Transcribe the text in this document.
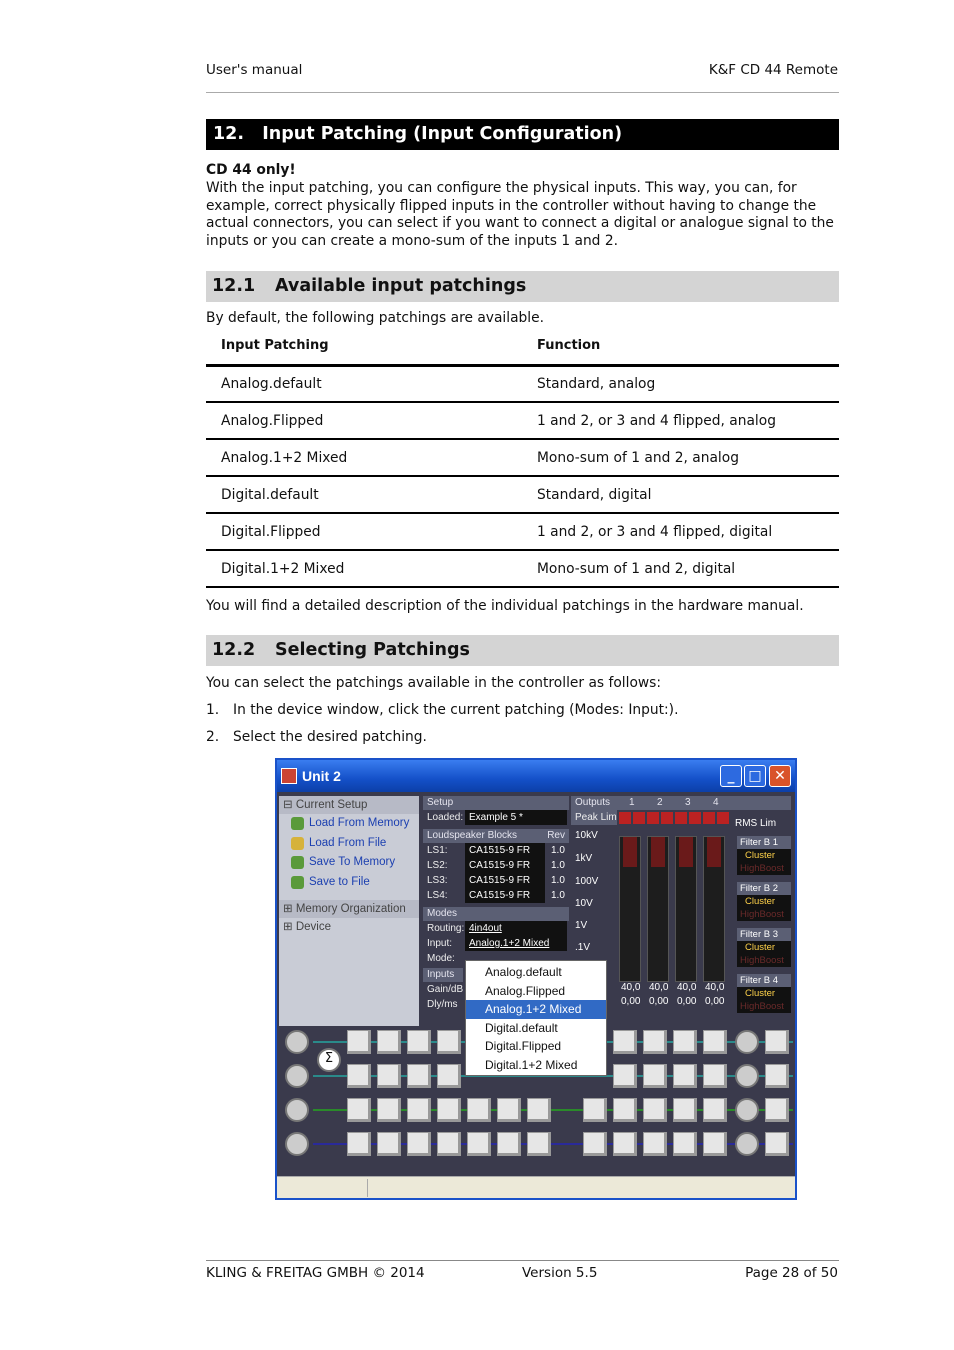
User's manual	K&F CD 44 Remote
12. Input Patching (Input Configuration)
CD 44 only!
With the input patching, you can configure the physical inputs. This way, you can, for
example, correct physically flipped inputs in the controller without having to change the
actual connectors, you can select if you want to connect a digital or analogue signal to the
inputs or you can create a mono-sum of the inputs 1 and 2.
12.1 Available input patchings
By default, the following patchings are available.
Input Patching	Function
Analog.default	Standard, analog
Analog.Flipped	1 and 2, or 3 and 4 flipped, analog
Analog.1+2 Mixed	Mono-sum of 1 and 2, analog
Digital.default	Standard, digital
Digital.Flipped	1 and 2, or 3 and 4 flipped, digital
Digital.1+2 Mixed	Mono-sum of 1 and 2, digital
You will find a detailed description of the individual patchings in the hardware manual.
12.2 Selecting Patchings
You can select the patchings available in the controller as follows:
1. In the device window, click the current patching (Modes: Input:).
2. Select the desired patching.
Unit 2	_ □ ✕
⊟ Current Setup
Load From Memory
Load From File
Save To Memory
Save to File
⊞ Memory Organization
⊞ Device
Setup
Loaded: Example 5 *
Loudspeaker Blocks	Rev
LS1:	CA1515-9 FR	1.0
LS2:	CA1515-9 FR	1.0
LS3:	CA1515-9 FR	1.0
LS4:	CA1515-9 FR	1.0
Modes
Routing: 4in4out
Input:	Analog.1+2 Mixed
Mode:
Inputs
Gain/dB
Dly/ms
Outputs 1 2 3 4
Peak Lim
RMS Lim
10kV
1kV
100V
10V
1V
.1V
40,0 40,0 40,0 40,0
0,00 0,00 0,00 0,00
Filter B 1
Cluster
HighBoost
Filter B 2
Cluster
HighBoost
Filter B 3
Cluster
HighBoost
Filter B 4
Cluster
HighBoost
Σ
Analog.default
Analog.Flipped
Analog.1+2 Mixed
Digital.default
Digital.Flipped
Digital.1+2 Mixed
KLING & FREITAG GMBH © 2014	Version 5.5	Page 28 of 50
